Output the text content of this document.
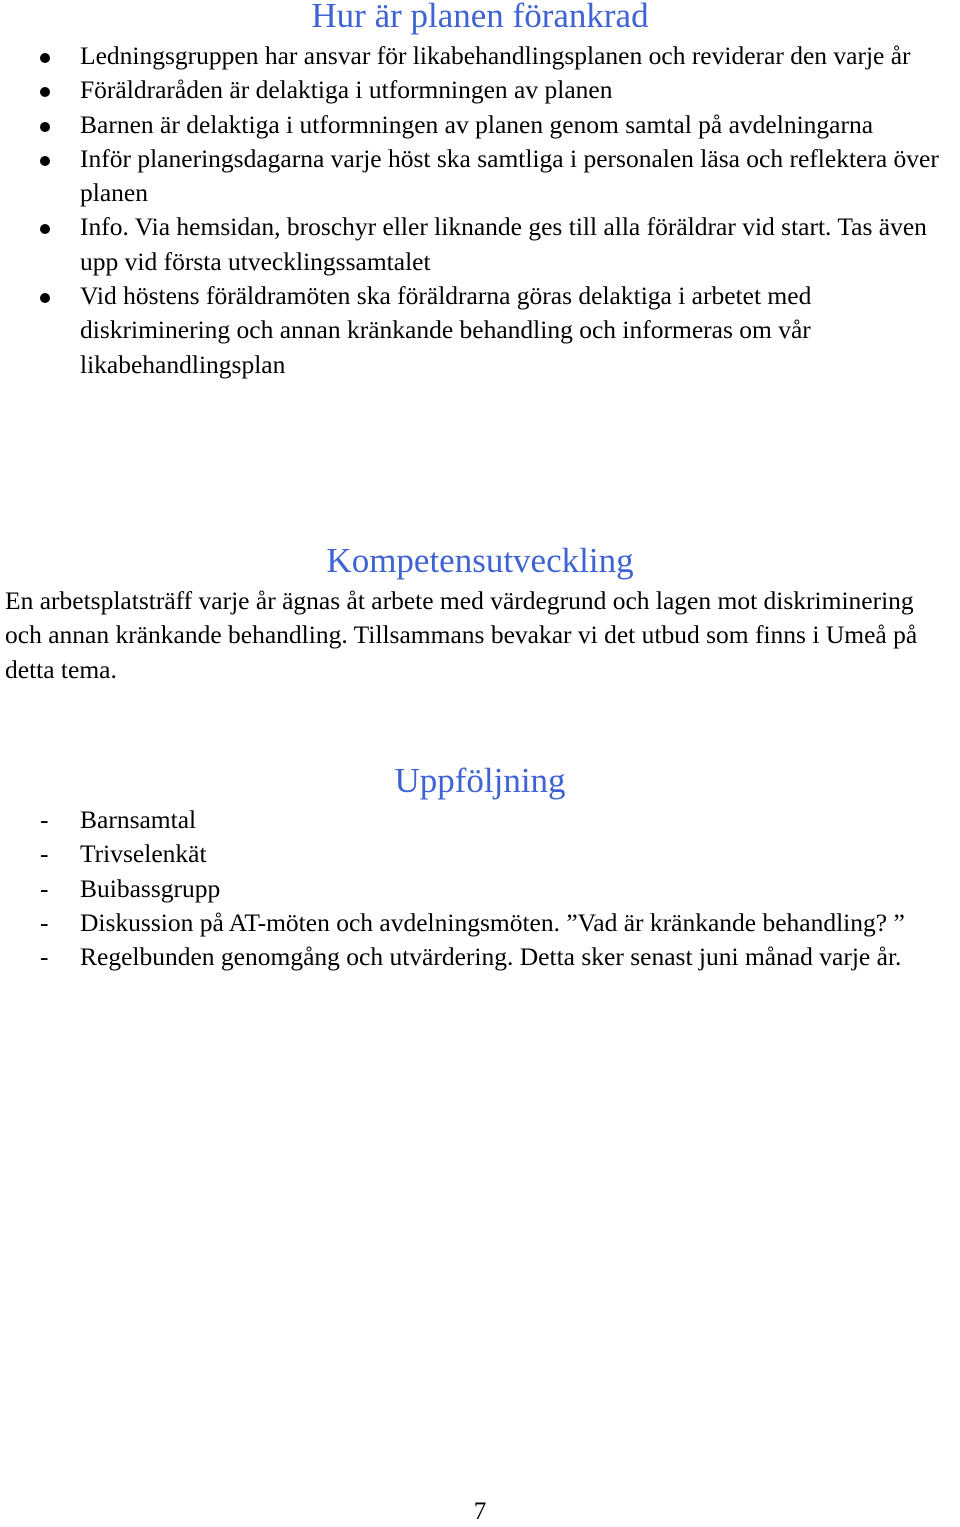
Hur är planen förankrad
Ledningsgruppen har ansvar för likabehandlingsplanen och reviderar den varje år
Föräldraråden är delaktiga i utformningen av planen
Barnen är delaktiga i utformningen av planen genom samtal på avdelningarna
Inför planeringsdagarna varje höst ska samtliga i personalen läsa och reflektera över planen
Info. Via hemsidan, broschyr eller liknande ges till alla föräldrar vid start. Tas även upp vid första utvecklingssamtalet
Vid höstens föräldramöten ska föräldrarna göras delaktiga i arbetet med diskriminering och annan kränkande behandling och informeras om vår likabehandlingsplan
Kompetensutveckling

En arbetsplatsträff varje år ägnas åt arbete med värdegrund och lagen mot diskriminering och annan kränkande behandling. Tillsammans bevakar vi det utbud som finns i Umeå på detta tema.

Uppföljning
- Barnsamtal
- Trivselenkät
- Buibassgrupp
- Diskussion på AT-möten och avdelningsmöten. ”Vad är kränkande behandling? ”
- Regelbunden genomgång och utvärdering. Detta sker senast juni månad varje år.
7
